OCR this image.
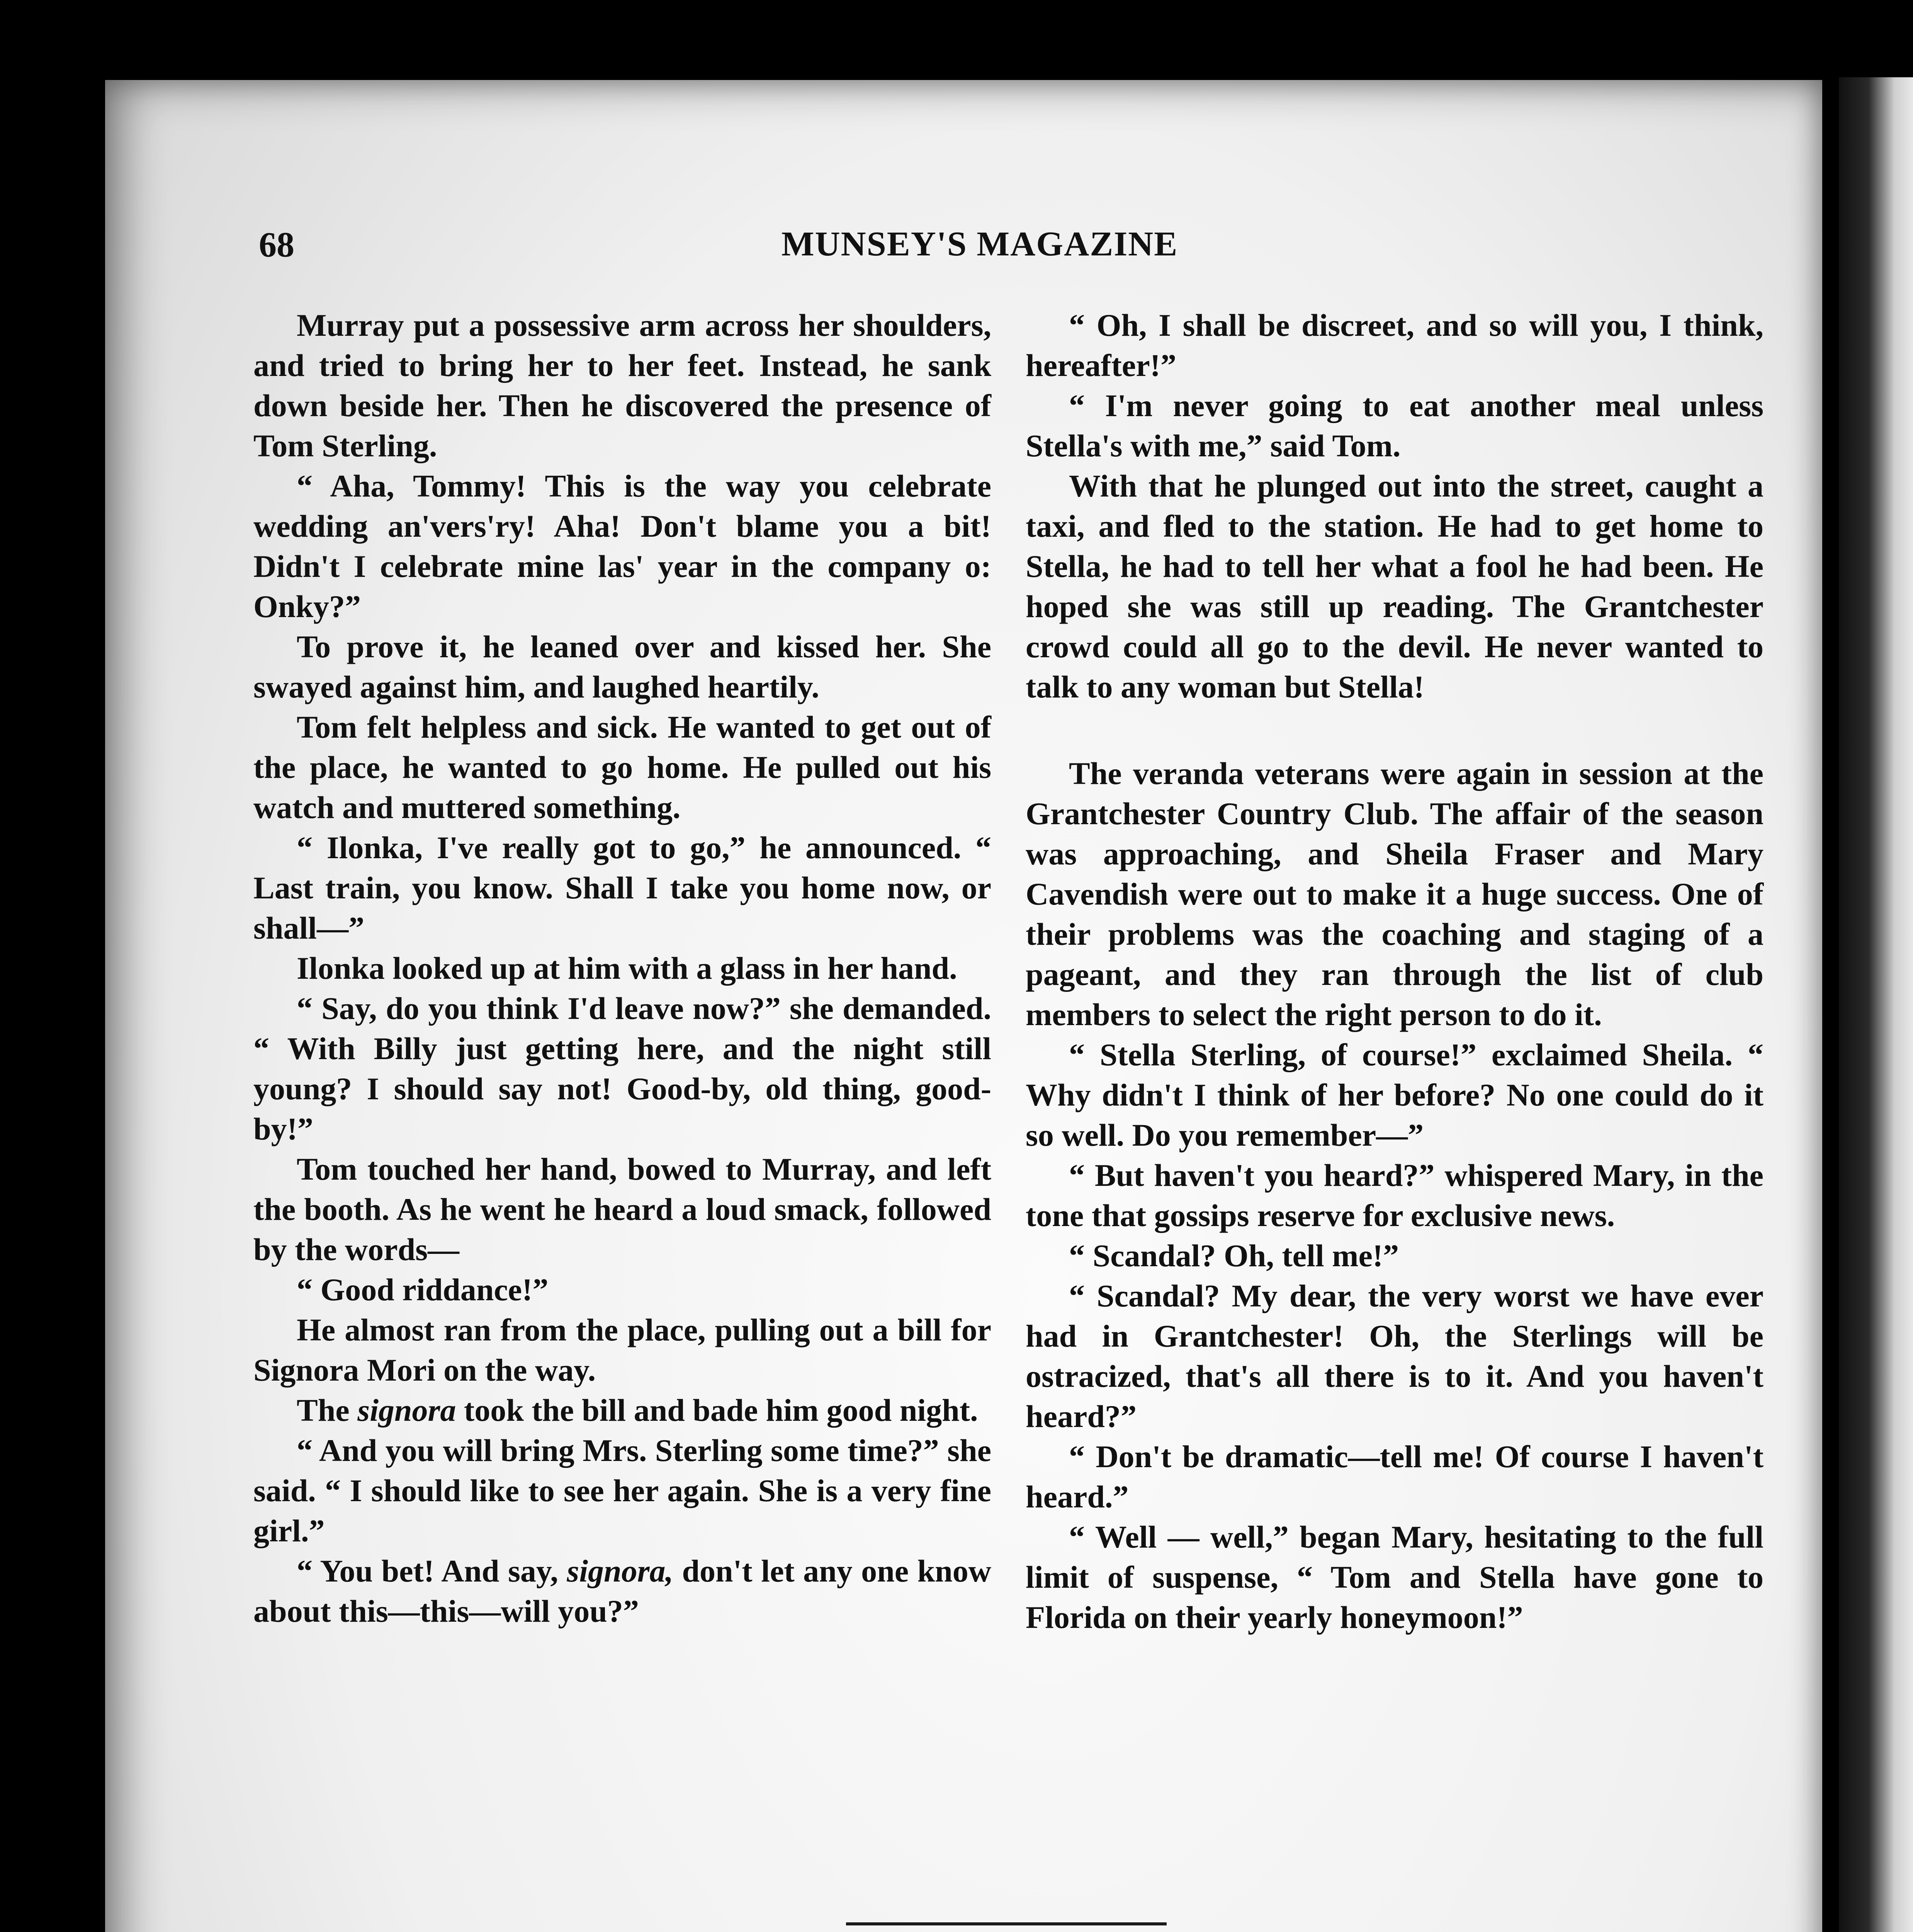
68	MUNSEY'S MAGAZINE

Murray put a possessive arm across her shoulders, and tried to bring her to her feet. Instead, he sank down beside her. Then he discovered the presence of Tom Sterling.

“ Aha, Tommy! This is the way you celebrate wedding an'vers'ry! Aha! Don't blame you a bit! Didn't I celebrate mine las' year in the company o: Onky?”

To prove it, he leaned over and kissed her. She swayed against him, and laughed heartily.

Tom felt helpless and sick. He wanted to get out of the place, he wanted to go home. He pulled out his watch and muttered something.

“ Ilonka, I've really got to go,” he announced. “ Last train, you know. Shall I take you home now, or shall—”

Ilonka looked up at him with a glass in her hand.

“ Say, do you think I'd leave now?” she demanded. “ With Billy just getting here, and the night still young? I should say not! Good-by, old thing, good-by!”

Tom touched her hand, bowed to Murray, and left the booth. As he went he heard a loud smack, followed by the words—

“ Good riddance!”

He almost ran from the place, pulling out a bill for Signora Mori on the way.

The signora took the bill and bade him good night.

“ And you will bring Mrs. Sterling some time?” she said. “ I should like to see her again. She is a very fine girl.”

“ You bet! And say, signora, don't let any one know about this—this—will you?”

“ Oh, I shall be discreet, and so will you, I think, hereafter!”

“ I'm never going to eat another meal unless Stella's with me,” said Tom.

With that he plunged out into the street, caught a taxi, and fled to the station. He had to get home to Stella, he had to tell her what a fool he had been. He hoped she was still up reading. The Grantchester crowd could all go to the devil. He never wanted to talk to any woman but Stella!

The veranda veterans were again in session at the Grantchester Country Club. The affair of the season was approaching, and Sheila Fraser and Mary Cavendish were out to make it a huge success. One of their problems was the coaching and staging of a pageant, and they ran through the list of club members to select the right person to do it.

“ Stella Sterling, of course!” exclaimed Sheila. “ Why didn't I think of her before? No one could do it so well. Do you remember—”

“ But haven't you heard?” whispered Mary, in the tone that gossips reserve for exclusive news.

“ Scandal? Oh, tell me!”

“ Scandal? My dear, the very worst we have ever had in Grantchester! Oh, the Sterlings will be ostracized, that's all there is to it. And you haven't heard?”

“ Don't be dramatic—tell me! Of course I haven't heard.”

“ Well — well,” began Mary, hesitating to the full limit of suspense, “ Tom and Stella have gone to Florida on their yearly honeymoon!”
